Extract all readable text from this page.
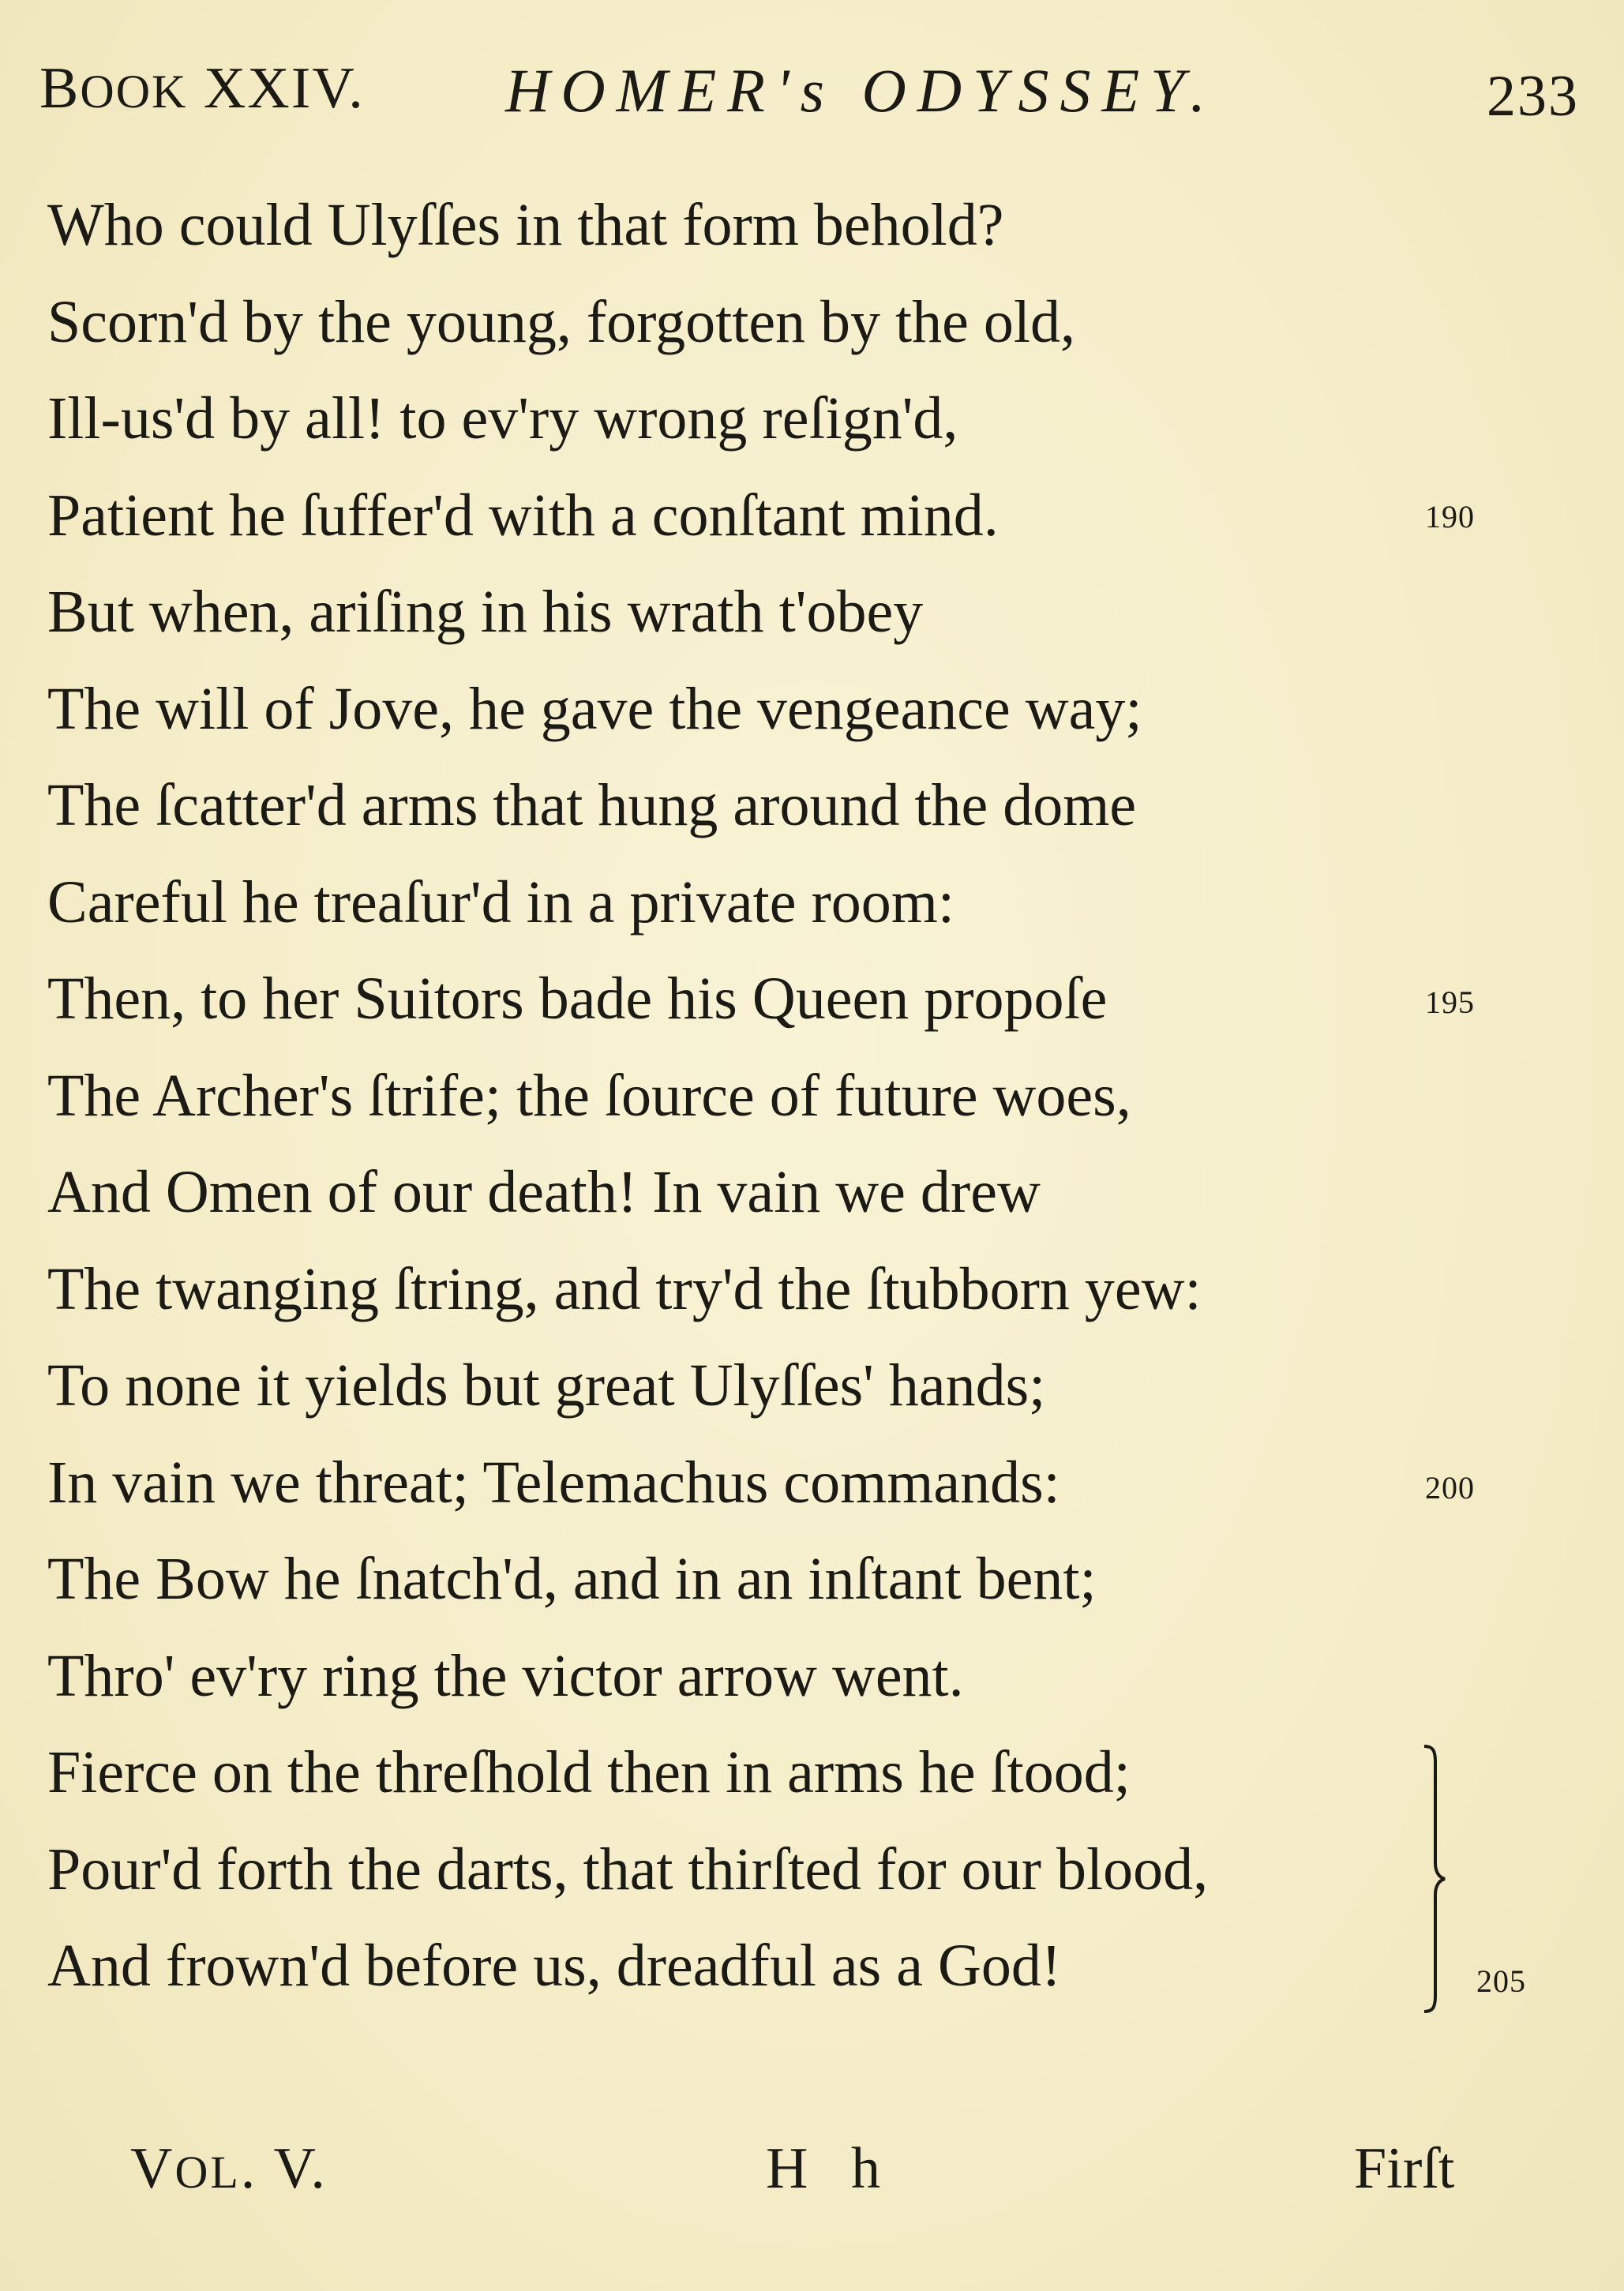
BOOK XXIV. HOMER's ODYSSEY.	233
Who could Ulyſſes in that form behold?
Scorn'd by the young, forgotten by the old,
Ill-us'd by all! to ev'ry wrong reſign'd,
Patient he ſuffer'd with a conſtant mind.
But when, ariſing in his wrath t'obey
The will of Jove, he gave the vengeance way;
The ſcatter'd arms that hung around the dome
Careful he treaſur'd in a private room:
Then, to her Suitors bade his Queen propoſe
The Archer's ſtrife; the ſource of future woes,
And Omen of our death! In vain we drew
The twanging ſtring, and try'd the ſtubborn yew:
To none it yields but great Ulyſſes' hands;
In vain we threat; Telemachus commands:
The Bow he ſnatch'd, and in an inſtant bent;
Thro' ev'ry ring the victor arrow went.
Fierce on the threſhold then in arms he ſtood;
Pour'd forth the darts, that thirſted for our blood,
And frown'd before us, dreadful as a God!
190
195
200
205
VOL. V.	H h	Firſt
